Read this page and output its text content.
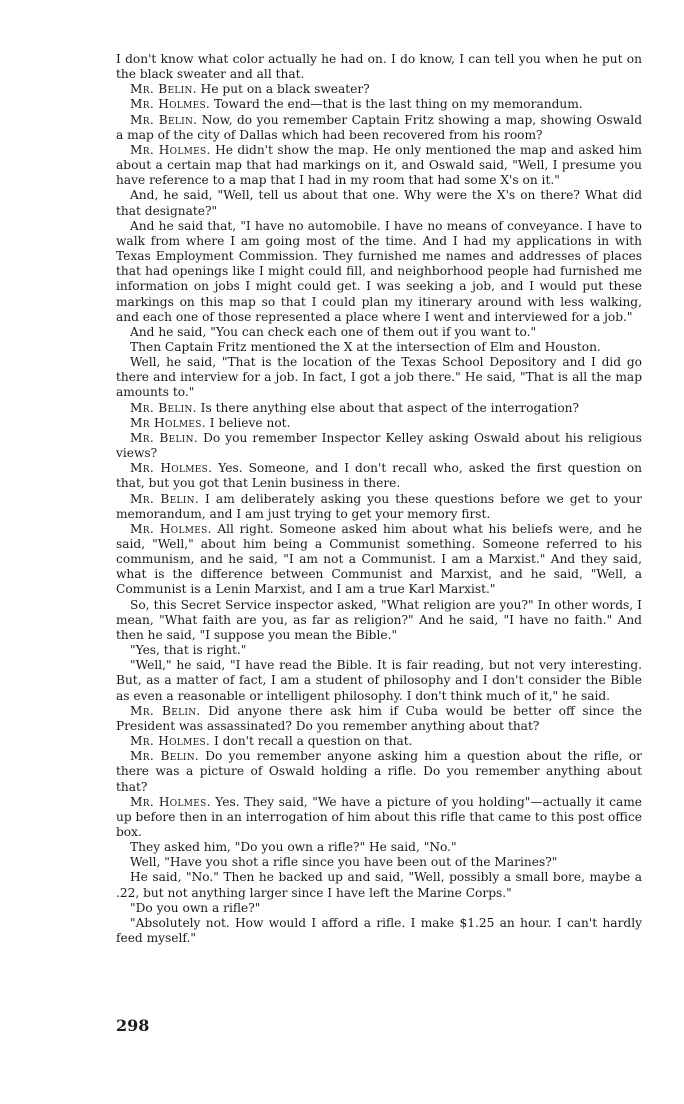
I don't know what color actually he had on. I do know, I can tell you when he put on the black sweater and all that.

Mr. Belin. He put on a black sweater?

Mr. Holmes. Toward the end—that is the last thing on my memorandum.

Mr. Belin. Now, do you remember Captain Fritz showing a map, showing Oswald a map of the city of Dallas which had been recovered from his room?

Mr. Holmes. He didn't show the map. He only mentioned the map and asked him about a certain map that had markings on it, and Oswald said, "Well, I presume you have reference to a map that I had in my room that had some X's on it."

And, he said, "Well, tell us about that one. Why were the X's on there? What did that designate?"

And he said that, "I have no automobile. I have no means of conveyance. I have to walk from where I am going most of the time. And I had my applications in with Texas Employment Commission. They furnished me names and addresses of places that had openings like I might could fill, and neighborhood people had furnished me information on jobs I might could get. I was seeking a job, and I would put these markings on this map so that I could plan my itinerary around with less walking, and each one of those represented a place where I went and interviewed for a job."

And he said, "You can check each one of them out if you want to."

Then Captain Fritz mentioned the X at the intersection of Elm and Houston.

Well, he said, "That is the location of the Texas School Depository and I did go there and interview for a job. In fact, I got a job there." He said, "That is all the map amounts to."

Mr. Belin. Is there anything else about that aspect of the interrogation?

Mr Holmes. I believe not.

Mr. Belin. Do you remember Inspector Kelley asking Oswald about his religious views?

Mr. Holmes. Yes. Someone, and I don't recall who, asked the first question on that, but you got that Lenin business in there.

Mr. Belin. I am deliberately asking you these questions before we get to your memorandum, and I am just trying to get your memory first.

Mr. Holmes. All right. Someone asked him about what his beliefs were, and he said, "Well," about him being a Communist something. Someone referred to his communism, and he said, "I am not a Communist. I am a Marxist." And they said, what is the difference between Communist and Marxist, and he said, "Well, a Communist is a Lenin Marxist, and I am a true Karl Marxist."

So, this Secret Service inspector asked, "What religion are you?" In other words, I mean, "What faith are you, as far as religion?" And he said, "I have no faith." And then he said, "I suppose you mean the Bible."

"Yes, that is right."

"Well," he said, "I have read the Bible. It is fair reading, but not very interesting. But, as a matter of fact, I am a student of philosophy and I don't consider the Bible as even a reasonable or intelligent philosophy. I don't think much of it," he said.

Mr. Belin. Did anyone there ask him if Cuba would be better off since the President was assassinated? Do you remember anything about that?

Mr. Holmes. I don't recall a question on that.

Mr. Belin. Do you remember anyone asking him a question about the rifle, or there was a picture of Oswald holding a rifle. Do you remember anything about that?

Mr. Holmes. Yes. They said, "We have a picture of you holding"—actually it came up before then in an interrogation of him about this rifle that came to this post office box.

They asked him, "Do you own a rifle?" He said, "No."

Well, "Have you shot a rifle since you have been out of the Marines?"

He said, "No." Then he backed up and said, "Well, possibly a small bore, maybe a .22, but not anything larger since I have left the Marine Corps."

"Do you own a rifle?"

"Absolutely not. How would I afford a rifle. I make $1.25 an hour. I can't hardly feed myself."

298
